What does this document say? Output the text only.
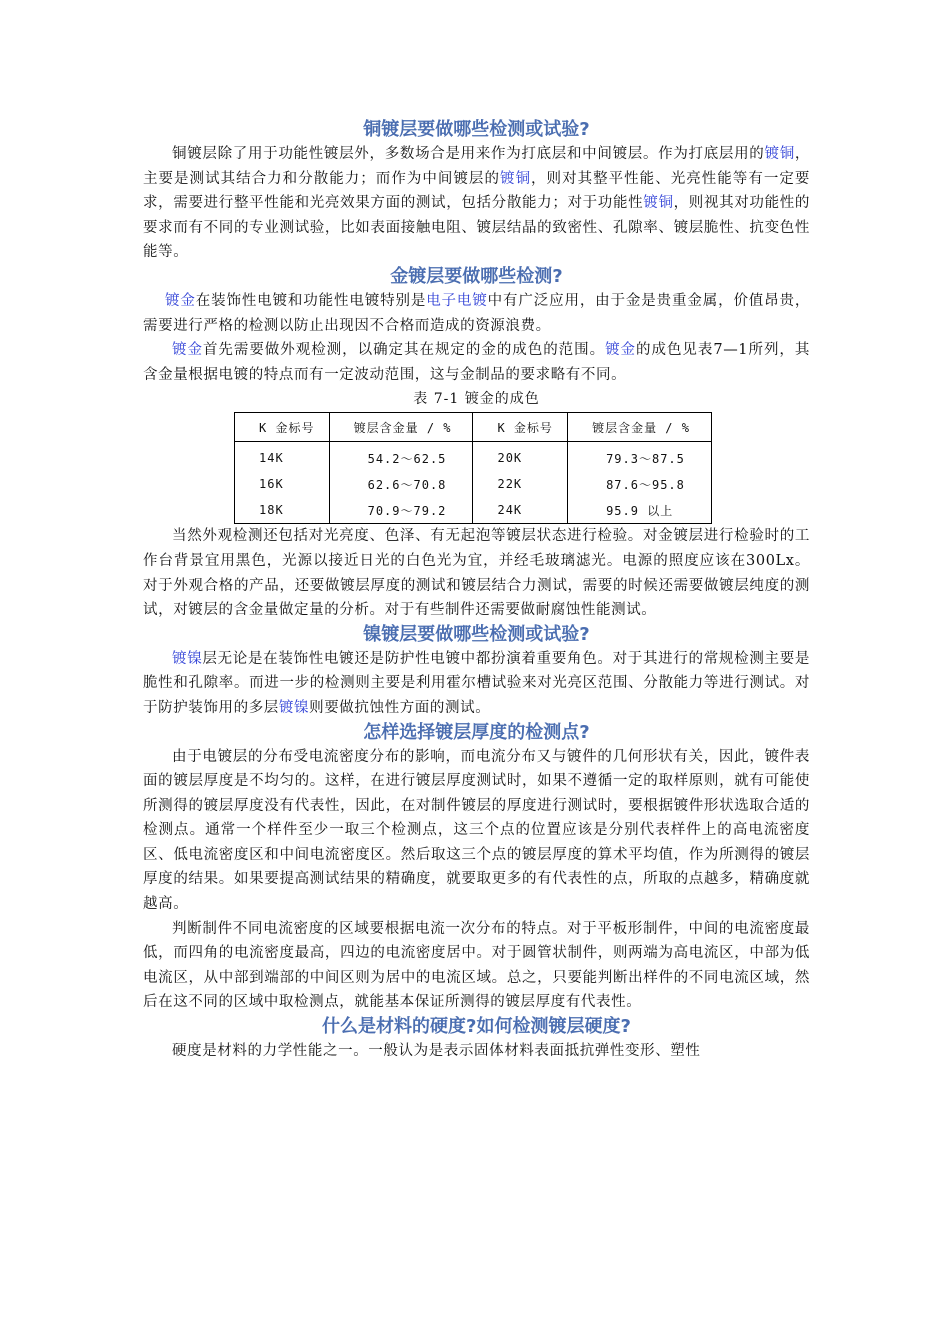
铜镀层要做哪些检测或试验?

铜镀层除了用于功能性镀层外，多数场合是用来作为打底层和中间镀层。作为打底层用的镀铜，主要是测试其结合力和分散能力；而作为中间镀层的镀铜，则对其整平性能、光亮性能等有一定要求，需要进行整平性能和光亮效果方面的测试，包括分散能力；对于功能性镀铜，则视其对功能性的要求而有不同的专业测试验，比如表面接触电阻、镀层结晶的致密性、孔隙率、镀层脆性、抗变色性能等。

金镀层要做哪些检测?

镀金在装饰性电镀和功能性电镀特别是电子电镀中有广泛应用，由于金是贵重金属，价值昂贵，需要进行严格的检测以防止出现因不合格而造成的资源浪费。

镀金首先需要做外观检测，以确定其在规定的金的成色的范围。镀金的成色见表7—1所列，其含金量根据电镀的特点而有一定波动范围，这与金制品的要求略有不同。

表 7-1 镀金的成色
K 金标号	镀层含金量 / %	K 金标号	镀层含金量 / %
14K	54.2～62.5	20K	79.3～87.5
16K	62.6～70.8	22K	87.6～95.8
18K	70.9～79.2	24K	95.9 以上

当然外观检测还包括对光亮度、色泽、有无起泡等镀层状态进行检验。对金镀层进行检验时的工作台背景宜用黑色，光源以接近日光的白色光为宜，并经毛玻璃滤光。电源的照度应该在300Lx。对于外观合格的产品，还要做镀层厚度的测试和镀层结合力测试，需要的时候还需要做镀层纯度的测试，对镀层的含金量做定量的分析。对于有些制件还需要做耐腐蚀性能测试。

镍镀层要做哪些检测或试验?

镀镍层无论是在装饰性电镀还是防护性电镀中都扮演着重要角色。对于其进行的常规检测主要是脆性和孔隙率。而进一步的检测则主要是利用霍尔槽试验来对光亮区范围、分散能力等进行测试。对于防护装饰用的多层镀镍则要做抗蚀性方面的测试。

怎样选择镀层厚度的检测点?

由于电镀层的分布受电流密度分布的影响，而电流分布又与镀件的几何形状有关，因此，镀件表面的镀层厚度是不均匀的。这样，在进行镀层厚度测试时，如果不遵循一定的取样原则，就有可能使所测得的镀层厚度没有代表性，因此，在对制件镀层的厚度进行测试时，要根据镀件形状选取合适的检测点。通常一个样件至少一取三个检测点，这三个点的位置应该是分别代表样件上的高电流密度区、低电流密度区和中间电流密度区。然后取这三个点的镀层厚度的算术平均值，作为所测得的镀层厚度的结果。如果要提高测试结果的精确度，就要取更多的有代表性的点，所取的点越多，精确度就越高。

判断制件不同电流密度的区域要根据电流一次分布的特点。对于平板形制件，中间的电流密度最低，而四角的电流密度最高，四边的电流密度居中。对于圆管状制件，则两端为高电流区，中部为低电流区，从中部到端部的中间区则为居中的电流区域。总之，只要能判断出样件的不同电流区域，然后在这不同的区域中取检测点，就能基本保证所测得的镀层厚度有代表性。

什么是材料的硬度?如何检测镀层硬度?

硬度是材料的力学性能之一。一般认为是表示固体材料表面抵抗弹性变形、塑性
